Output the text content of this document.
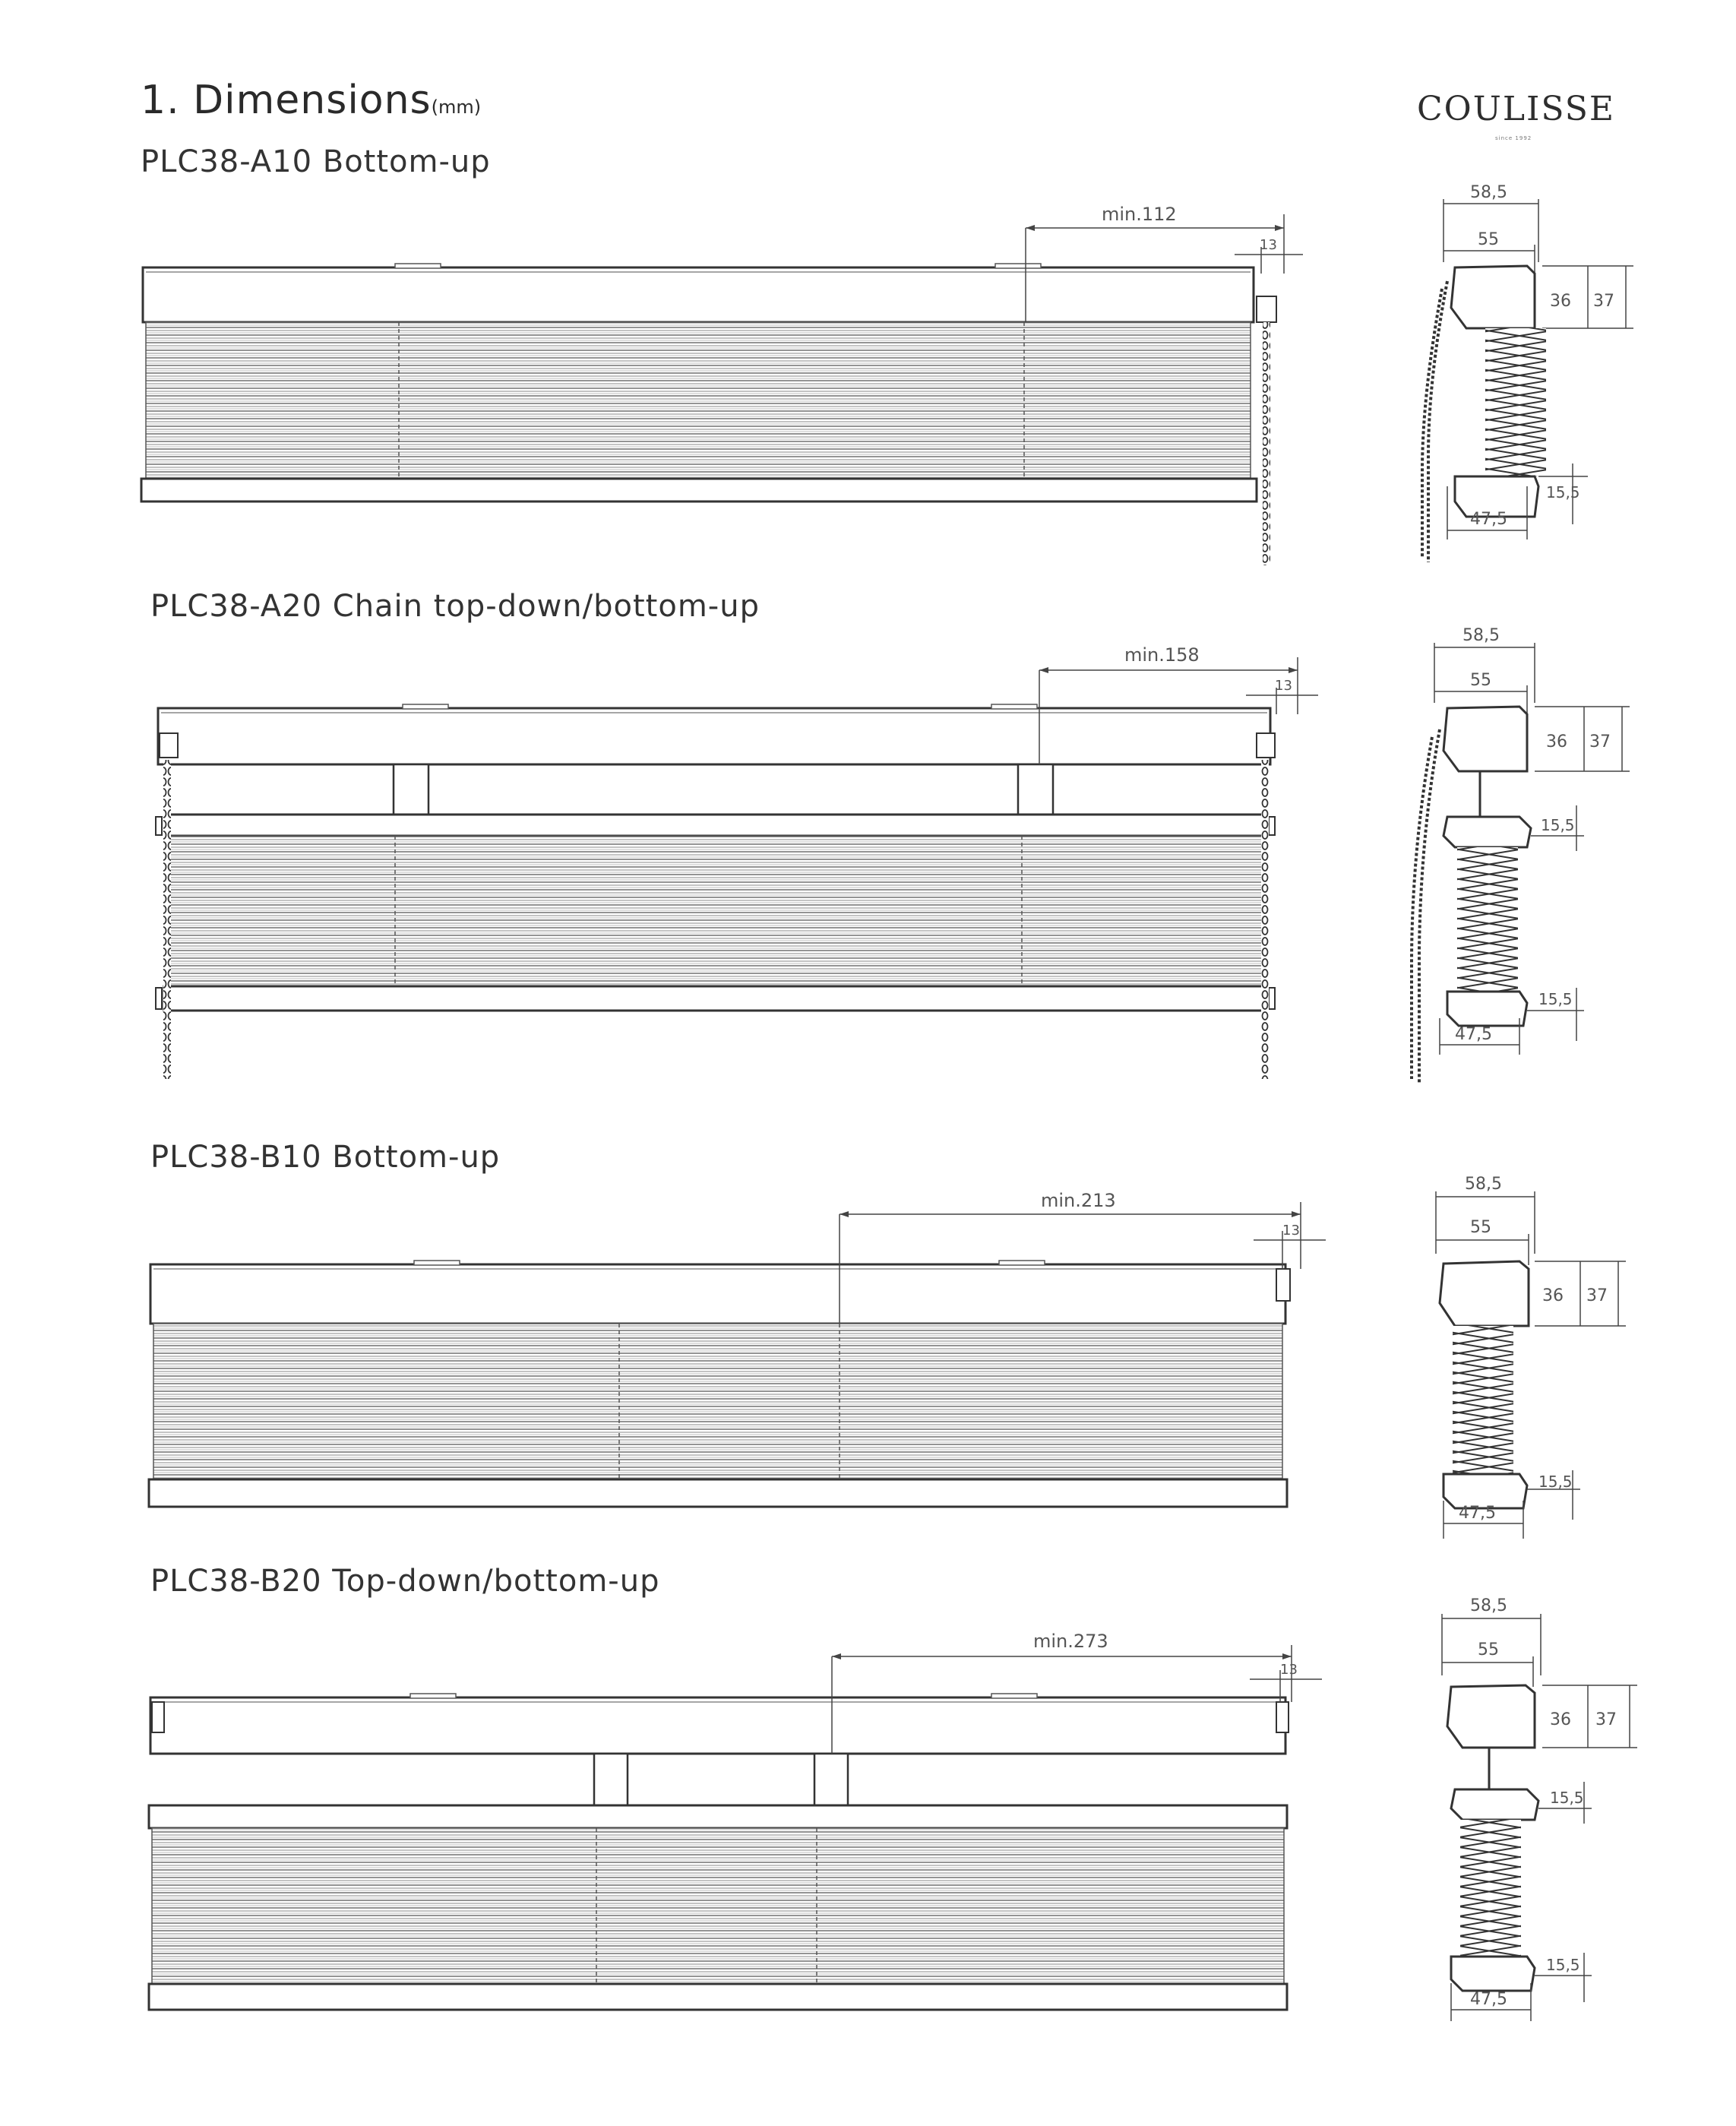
1. Dimensions(mm)	COULISSE
since 1992
PLC38-A10 Bottom-up
PLC38-A20 Chain top-down/bottom-up
PLC38-B10 Bottom-up
PLC38-B20 Top-down/bottom-up
min.112
13
58,5
55
36 37
15,5
47,5
min.158
13
58,5
55
36 37
15,5
15,5
47,5
min.213
13
58,5
55
36 37
15,5
47,5
min.273
13
58,5
55
36 37
15,5
15,5
47,5
